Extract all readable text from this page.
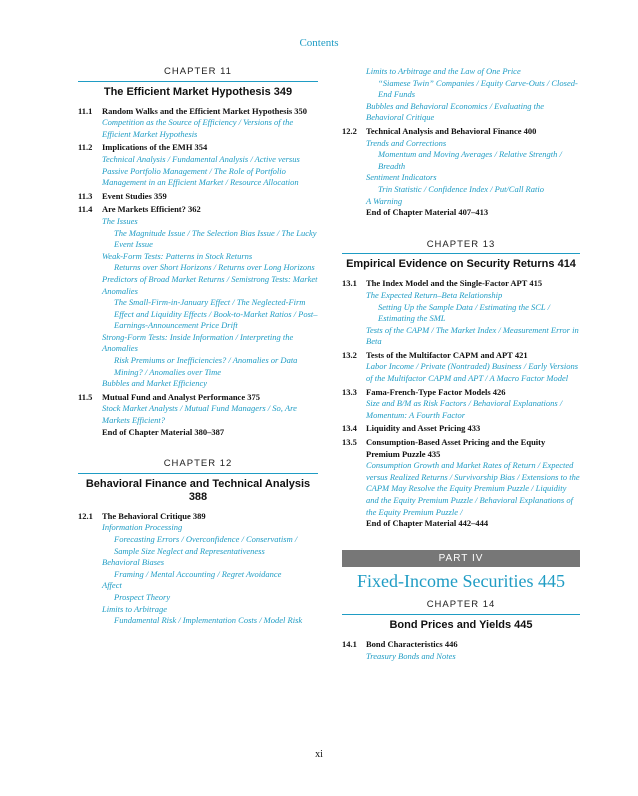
Contents
CHAPTER 11
The Efficient Market Hypothesis 349
11.1 Random Walks and the Efficient Market Hypothesis 350
Competition as the Source of Efficiency / Versions of the Efficient Market Hypothesis
11.2 Implications of the EMH 354
Technical Analysis / Fundamental Analysis / Active versus Passive Portfolio Management / The Role of Portfolio Management in an Efficient Market / Resource Allocation
11.3 Event Studies 359
11.4 Are Markets Efficient? 362
The Issues
The Magnitude Issue / The Selection Bias Issue / The Lucky Event Issue
Weak-Form Tests: Patterns in Stock Returns
Returns over Short Horizons / Returns over Long Horizons
Predictors of Broad Market Returns / Semistrong Tests: Market Anomalies
The Small-Firm-in-January Effect / The Neglected-Firm Effect and Liquidity Effects / Book-to-Market Ratios / Post–Earnings-Announcement Price Drift
Strong-Form Tests: Inside Information / Interpreting the Anomalies
Risk Premiums or Inefficiencies? / Anomalies or Data Mining? / Anomalies over Time
Bubbles and Market Efficiency
11.5 Mutual Fund and Analyst Performance 375
Stock Market Analysts / Mutual Fund Managers / So, Are Markets Efficient?
End of Chapter Material 380–387
CHAPTER 12
Behavioral Finance and Technical Analysis 388
12.1 The Behavioral Critique 389
Information Processing
Forecasting Errors / Overconfidence / Conservatism / Sample Size Neglect and Representativeness
Behavioral Biases
Framing / Mental Accounting / Regret Avoidance
Affect
Prospect Theory
Limits to Arbitrage
Fundamental Risk / Implementation Costs / Model Risk
Limits to Arbitrage and the Law of One Price
“Siamese Twin” Companies / Equity Carve-Outs / Closed-End Funds
Bubbles and Behavioral Economics / Evaluating the Behavioral Critique
12.2 Technical Analysis and Behavioral Finance 400
Trends and Corrections
Momentum and Moving Averages / Relative Strength / Breadth
Sentiment Indicators
Trin Statistic / Confidence Index / Put/Call Ratio
A Warning
End of Chapter Material 407–413
CHAPTER 13
Empirical Evidence on Security Returns 414
13.1 The Index Model and the Single-Factor APT 415
The Expected Return–Beta Relationship
Setting Up the Sample Data / Estimating the SCL / Estimating the SML
Tests of the CAPM / The Market Index / Measurement Error in Beta
13.2 Tests of the Multifactor CAPM and APT 421
Labor Income / Private (Nontraded) Business / Early Versions of the Multifactor CAPM and APT / A Macro Factor Model
13.3 Fama-French-Type Factor Models 426
Size and B/M as Risk Factors / Behavioral Explanations / Momentum: A Fourth Factor
13.4 Liquidity and Asset Pricing 433
13.5 Consumption-Based Asset Pricing and the Equity Premium Puzzle 435
Consumption Growth and Market Rates of Return / Expected versus Realized Returns / Survivorship Bias / Extensions to the CAPM May Resolve the Equity Premium Puzzle / Liquidity and the Equity Premium Puzzle / Behavioral Explanations of the Equity Premium Puzzle /
End of Chapter Material 442–444
PART IV
Fixed-Income Securities 445
CHAPTER 14
Bond Prices and Yields 445
14.1 Bond Characteristics 446
Treasury Bonds and Notes
xi
